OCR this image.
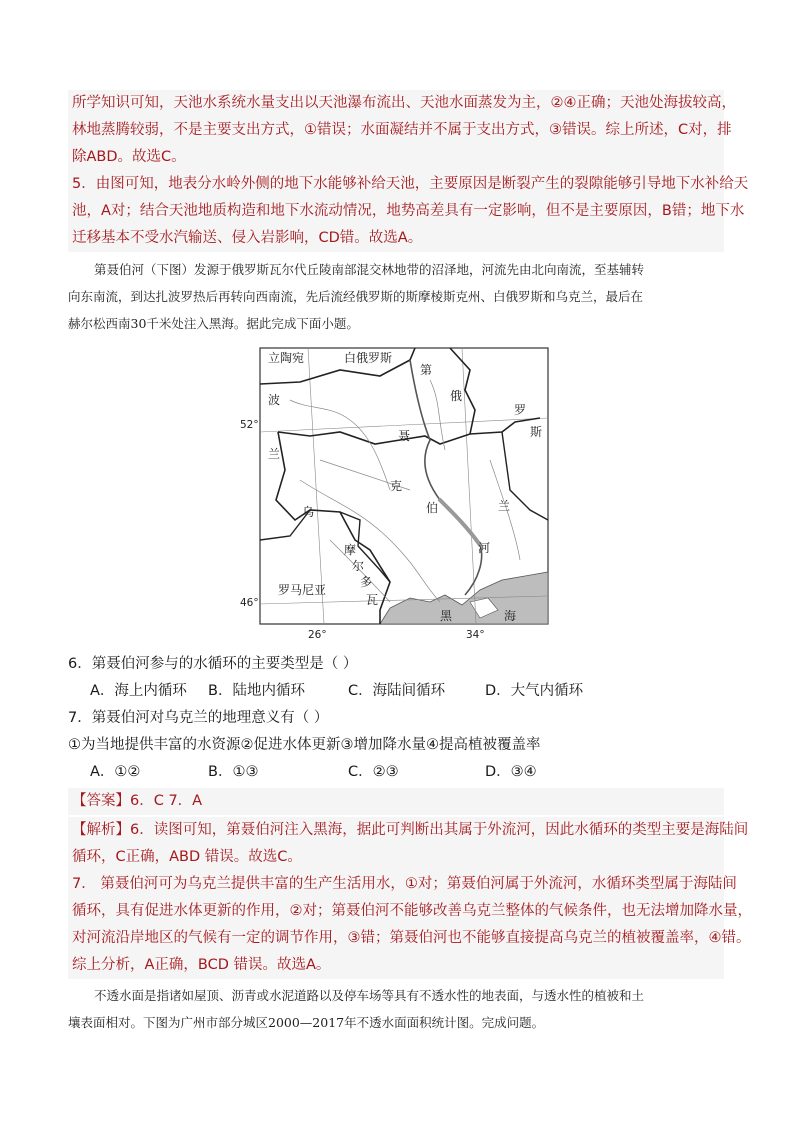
所学知识可知，天池水系统水量支出以天池瀑布流出、天池水面蒸发为主，②④正确；天池处海拔较高，

林地蒸腾较弱，不是主要支出方式，①错误；水面凝结并不属于支出方式，③错误。综上所述，C对，排

除ABD。故选C。

5．由图可知，地表分水岭外侧的地下水能够补给天池，主要原因是断裂产生的裂隙能够引导地下水补给天

池，A对；结合天池地质构造和地下水流动情况，地势高差具有一定影响，但不是主要原因，B错；地下水

迁移基本不受水汽输送、侵入岩影响，CD错。故选A。

第聂伯河（下图）发源于俄罗斯瓦尔代丘陵南部混交林地带的沼泽地，河流先由北向南流，至基辅转

向东南流，到达扎波罗热后再转向西南流，先后流经俄罗斯的斯摩棱斯克州、白俄罗斯和乌克兰，最后在

赫尔松西南30千米处注入黑海。据此完成下面小题。

立陶宛	白俄罗斯
波
兰
第
俄
罗
斯
聂
乌
克
兰
伯
河
摩
尔
多
瓦
罗马尼亚
黑	海
52°
46°
26°	34°
6．第聂伯河参与的水循环的主要类型是（ ）
A．海上内循环 B．陆地内循环	C．海陆间循环	D．大气内循环
7．第聂伯河对乌克兰的地理意义有（ ）
①为当地提供丰富的水资源②促进水体更新③增加降水量④提高植被覆盖率
A．①②	B．①③	C．②③	D．③④
【答案】6．C 7．A

【解析】6．读图可知，第聂伯河注入黑海，据此可判断出其属于外流河，因此水循环的类型主要是海陆间

循环，C正确，ABD 错误。故选C。

7． 第聂伯河可为乌克兰提供丰富的生产生活用水，①对；第聂伯河属于外流河，水循环类型属于海陆间

循环，具有促进水体更新的作用，②对；第聂伯河不能够改善乌克兰整体的气候条件，也无法增加降水量，

对河流沿岸地区的气候有一定的调节作用，③错；第聂伯河也不能够直接提高乌克兰的植被覆盖率，④错。

综上分析，A正确，BCD 错误。故选A。

不透水面是指诸如屋顶、沥青或水泥道路以及停车场等具有不透水性的地表面，与透水性的植被和土

壤表面相对。下图为广州市部分城区2000—2017年不透水面面积统计图。完成问题。
